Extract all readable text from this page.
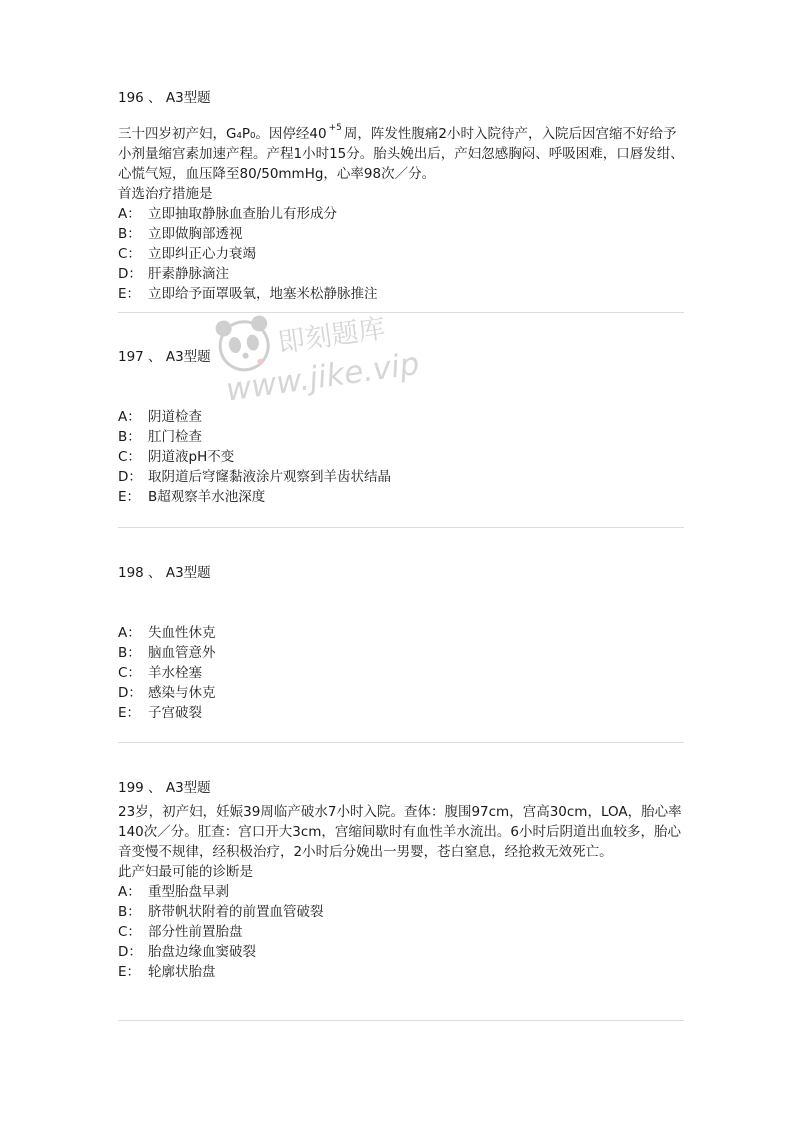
即刻题库
www.jike.vip

196 、 A3型题

三十四岁初产妇，G₄P₀。因停经40 $^{+5}$ 周，阵发性腹痛2小时入院待产，入院后因宫缩不好给予小剂量缩宫素加速产程。产程1小时15分。胎头娩出后，产妇忽感胸闷、呼吸困难，口唇发绀、心慌气短，血压降至80/50mmHg，心率98次／分。

首选治疗措施是

A： 立即抽取静脉血查胎儿有形成分
B： 立即做胸部透视
C： 立即纠正心力衰竭
D： 肝素静脉滴注
E： 立即给予面罩吸氧，地塞米松静脉推注

197 、 A3型题

A： 阴道检查
B： 肛门检查
C： 阴道液pH不变
D： 取阴道后穹窿黏液涂片观察到羊齿状结晶
E： B超观察羊水池深度

198 、 A3型题

A： 失血性休克
B： 脑血管意外
C： 羊水栓塞
D： 感染与休克
E： 子宫破裂

199 、 A3型题

23岁，初产妇，妊娠39周临产破水7小时入院。查体：腹围97cm，宫高30cm，LOA，胎心率140次／分。肛查：宫口开大3cm，宫缩间歇时有血性羊水流出。6小时后阴道出血较多，胎心音变慢不规律，经积极治疗，2小时后分娩出一男婴，苍白窒息，经抢救无效死亡。

此产妇最可能的诊断是

A： 重型胎盘早剥
B： 脐带帆状附着的前置血管破裂
C： 部分性前置胎盘
D： 胎盘边缘血窦破裂
E： 轮廓状胎盘
